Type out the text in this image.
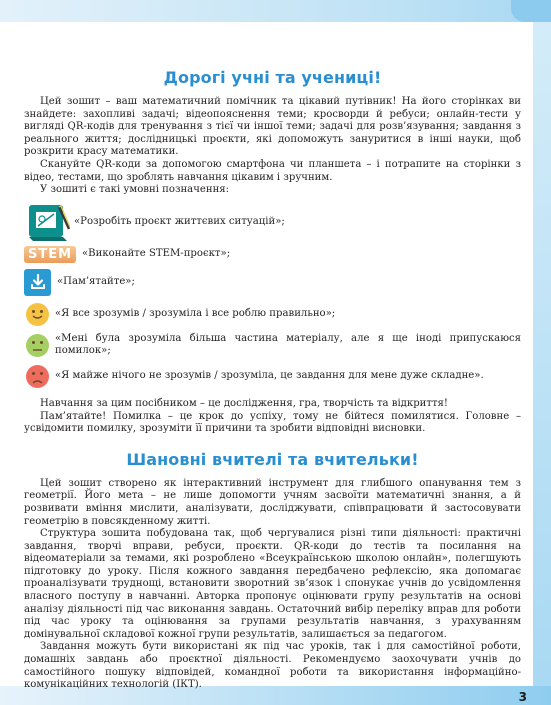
3
Дорогі учні та учениці!

Цей зошит – ваш математичний помічник та цікавий путівник! На його сторінках ви знайдете: захопливі задачі; відеопояснення теми; кросворди й ребуси; онлайн-тести у вигляді QR-кодів для тренування з тієї чи іншої теми; задачі для розв’язування; завдання з реального життя; дослідницькі проєкти, які допоможуть зануритися в інші науки, щоб розкрити красу математики.

Скануйте QR-коди за допомогою смартфона чи планшета – і потрапите на сторінки з відео, тестами, що зроблять навчання цікавим і зручним.

У зошиті є такі умовні позначення:

«Розробіть проєкт життєвих ситуацій»;
STEM «Виконайте STEM-проєкт»;
«Пам’ятайте»;
«Я все зрозумів / зрозуміла і все роблю правильно»;
«Мені була зрозуміла більша частина матеріалу, але я ще іноді припускаюся помилок»;
«Я майже нічого не зрозумів / зрозуміла, це завдання для мене дуже складне».

Навчання за цим посібником – це дослідження, гра, творчість та відкриття!

Пам’ятайте! Помилка – це крок до успіху, тому не бійтеся помилятися. Головне – усвідомити помилку, зрозуміти її причини та зробити відповідні висновки.

Шановні вчителі та вчительки!

Цей зошит створено як інтерактивний інструмент для глибшого опанування тем з геометрії. Його мета – не лише допомогти учням засвоїти математичні знання, а й розвивати вміння мислити, аналізувати, досліджувати, співпрацювати й застосовувати геометрію в повсякденному житті.

Структура зошита побудована так, щоб чергувалися різні типи діяльності: практичні завдання, творчі вправи, ребуси, проєкти. QR-коди до тестів та посилання на відеоматеріали за темами, які розроблено «Всеукраїнською школою онлайн», полегшують підготовку до уроку. Після кожного завдання передбачено рефлексію, яка допомагає проаналізувати труднощі, встановити зворотний зв’язок і спонукає учнів до усвідомлення власного поступу в навчанні. Авторка пропонує оцінювати групу результатів на основі аналізу діяльності під час виконання завдань. Остаточний вибір переліку вправ для роботи під час уроку та оцінювання за групами результатів навчання, з урахуванням домінувальної складової кожної групи результатів, залишається за педагогом.

Завдання можуть бути використані як під час уроків, так і для самостійної роботи, домашніх завдань або проєктної діяльності. Рекомендуємо заохочувати учнів до самостійного пошуку відповідей, командної роботи та використання інформаційно-комунікаційних технологій (ІКТ).
